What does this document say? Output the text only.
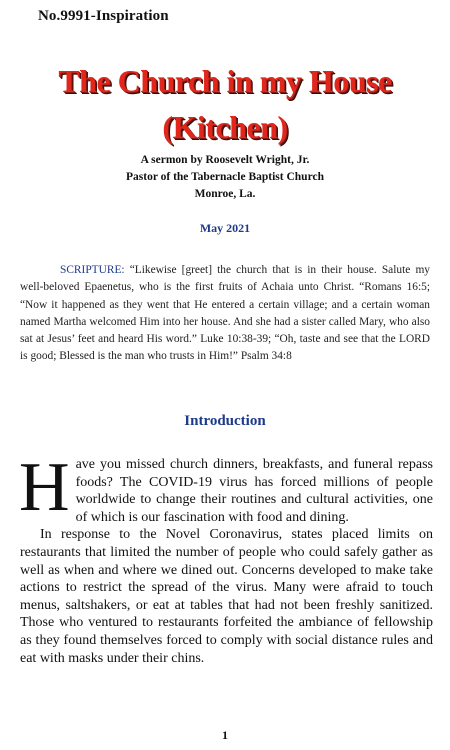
No.9991-Inspiration
The Church in my House
(Kitchen)
A sermon by Roosevelt Wright, Jr.
Pastor of the Tabernacle Baptist Church
Monroe, La.
May 2021
SCRIPTURE: “Likewise [greet] the church that is in their house. Salute my well-beloved Epaenetus, who is the first fruits of Achaia unto Christ. “Romans 16:5; “Now it happened as they went that He entered a certain village; and a certain woman named Martha welcomed Him into her house. And she had a sister called Mary, who also sat at Jesus’ feet and heard His word.” Luke 10:38-39; “Oh, taste and see that the LORD is good; Blessed is the man who trusts in Him!” Psalm 34:8
Introduction

Have you missed church dinners, breakfasts, and funeral repass foods? The COVID-19 virus has forced millions of people worldwide to change their routines and cultural activities, one of which is our fascination with food and dining.

In response to the Novel Coronavirus, states placed limits on restaurants that limited the number of people who could safely gather as well as when and where we dined out. Concerns developed to make take actions to restrict the spread of the virus. Many were afraid to touch menus, saltshakers, or eat at tables that had not been freshly sanitized. Those who ventured to restaurants forfeited the ambiance of fellowship as they found themselves forced to comply with social distance rules and eat with masks under their chins.

1
